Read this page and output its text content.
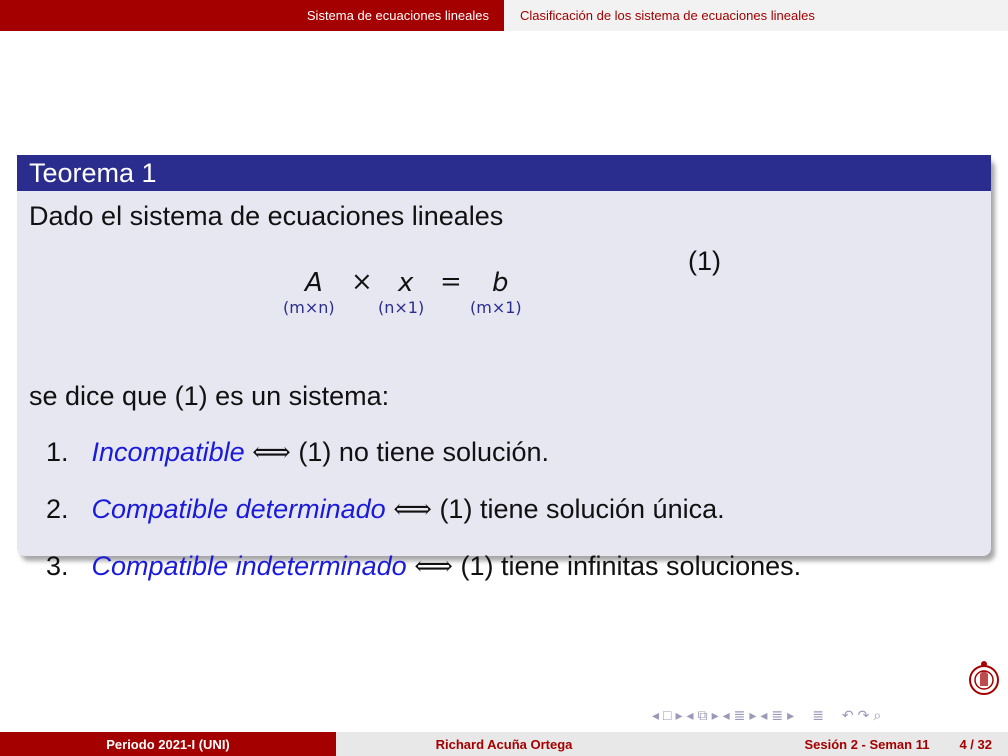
Sistema de ecuaciones lineales Clasificación de los sistema de ecuaciones lineales
Teorema 1
Dado el sistema de ecuaciones lineales
A × x = b
(m×n)	(n×1)	(m×1)
(1)
se dice que (1) es un sistema:
1. Incompatible ⟺ (1) no tiene solución.
2. Compatible determinado ⟺ (1) tiene solución única.
3. Compatible indeterminado ⟺ (1) tiene infinitas soluciones.
◂ □ ▸ ◂ ⧉ ▸ ◂ ≣ ▸ ◂ ≣ ▸ ≣ ↶ ↷ ⌕
Periodo 2021-I (UNI)	Richard Acuña Ortega	Sesión 2 - Seman 11 4 / 32
